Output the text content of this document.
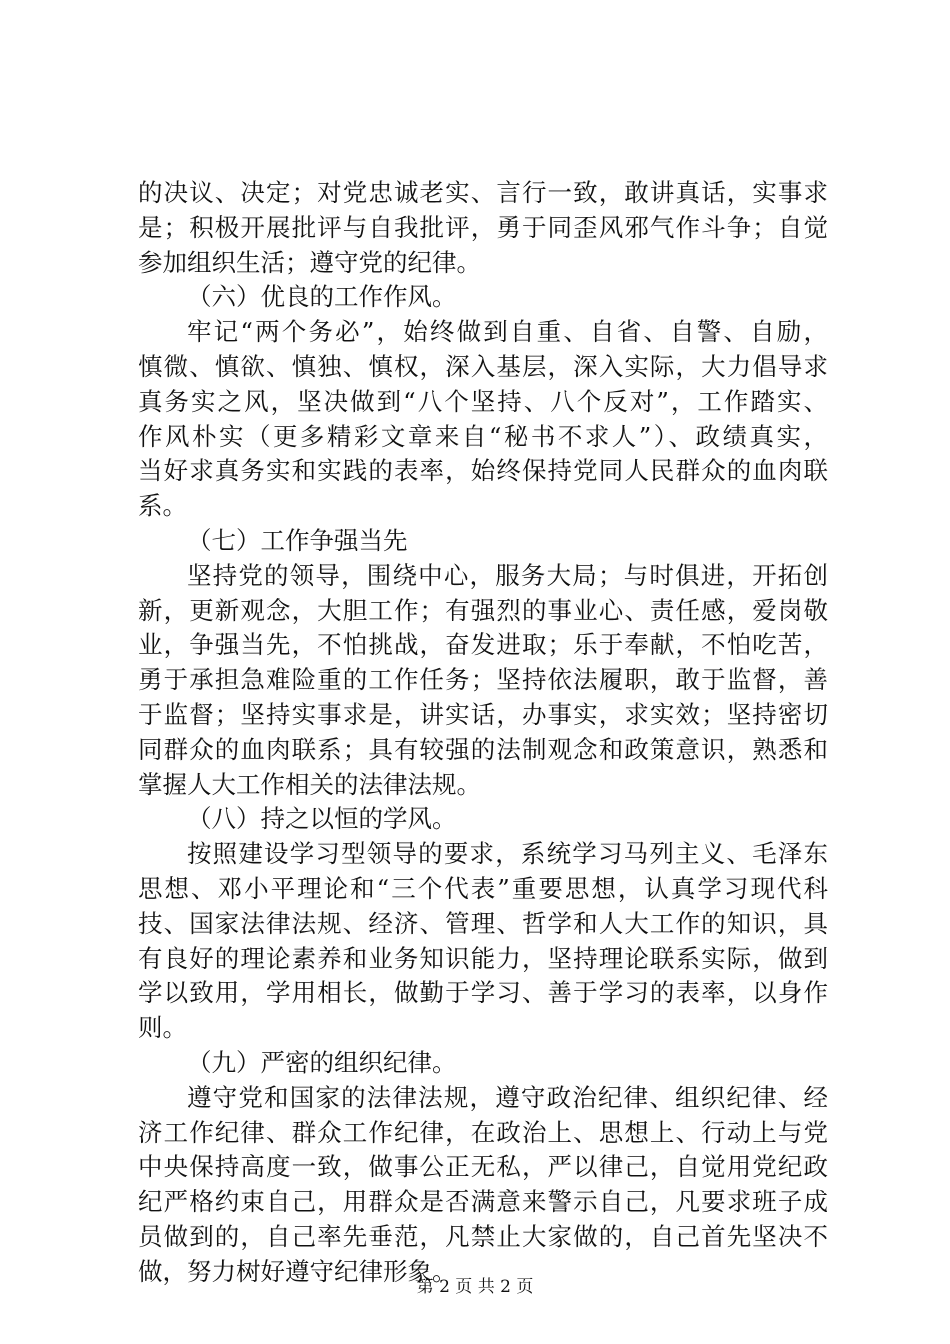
的决议、决定；对党忠诚老实、言行一致，敢讲真话，实事求
是；积极开展批评与自我批评，勇于同歪风邪气作斗争；自觉
参加组织生活；遵守党的纪律。
（六）优良的工作作风。
牢记“两个务必”，始终做到自重、自省、自警、自励，
慎微、慎欲、慎独、慎权，深入基层，深入实际，大力倡导求
真务实之风，坚决做到“八个坚持、八个反对”，工作踏实、
作风朴实（更多精彩文章来自“秘书不求人”）、政绩真实，
当好求真务实和实践的表率，始终保持党同人民群众的血肉联
系。
（七）工作争强当先
坚持党的领导，围绕中心，服务大局；与时俱进，开拓创
新，更新观念，大胆工作；有强烈的事业心、责任感，爱岗敬
业，争强当先，不怕挑战，奋发进取；乐于奉献，不怕吃苦，
勇于承担急难险重的工作任务；坚持依法履职，敢于监督，善
于监督；坚持实事求是，讲实话，办事实，求实效；坚持密切
同群众的血肉联系；具有较强的法制观念和政策意识，熟悉和
掌握人大工作相关的法律法规。
（八）持之以恒的学风。
按照建设学习型领导的要求，系统学习马列主义、毛泽东
思想、邓小平理论和“三个代表”重要思想，认真学习现代科
技、国家法律法规、经济、管理、哲学和人大工作的知识，具
有良好的理论素养和业务知识能力，坚持理论联系实际，做到
学以致用，学用相长，做勤于学习、善于学习的表率，以身作
则。
（九）严密的组织纪律。
遵守党和国家的法律法规，遵守政治纪律、组织纪律、经
济工作纪律、群众工作纪律，在政治上、思想上、行动上与党
中央保持高度一致，做事公正无私，严以律己，自觉用党纪政
纪严格约束自己，用群众是否满意来警示自己，凡要求班子成
员做到的，自己率先垂范，凡禁止大家做的，自己首先坚决不
做，努力树好遵守纪律形象。
第 2 页 共 2 页
